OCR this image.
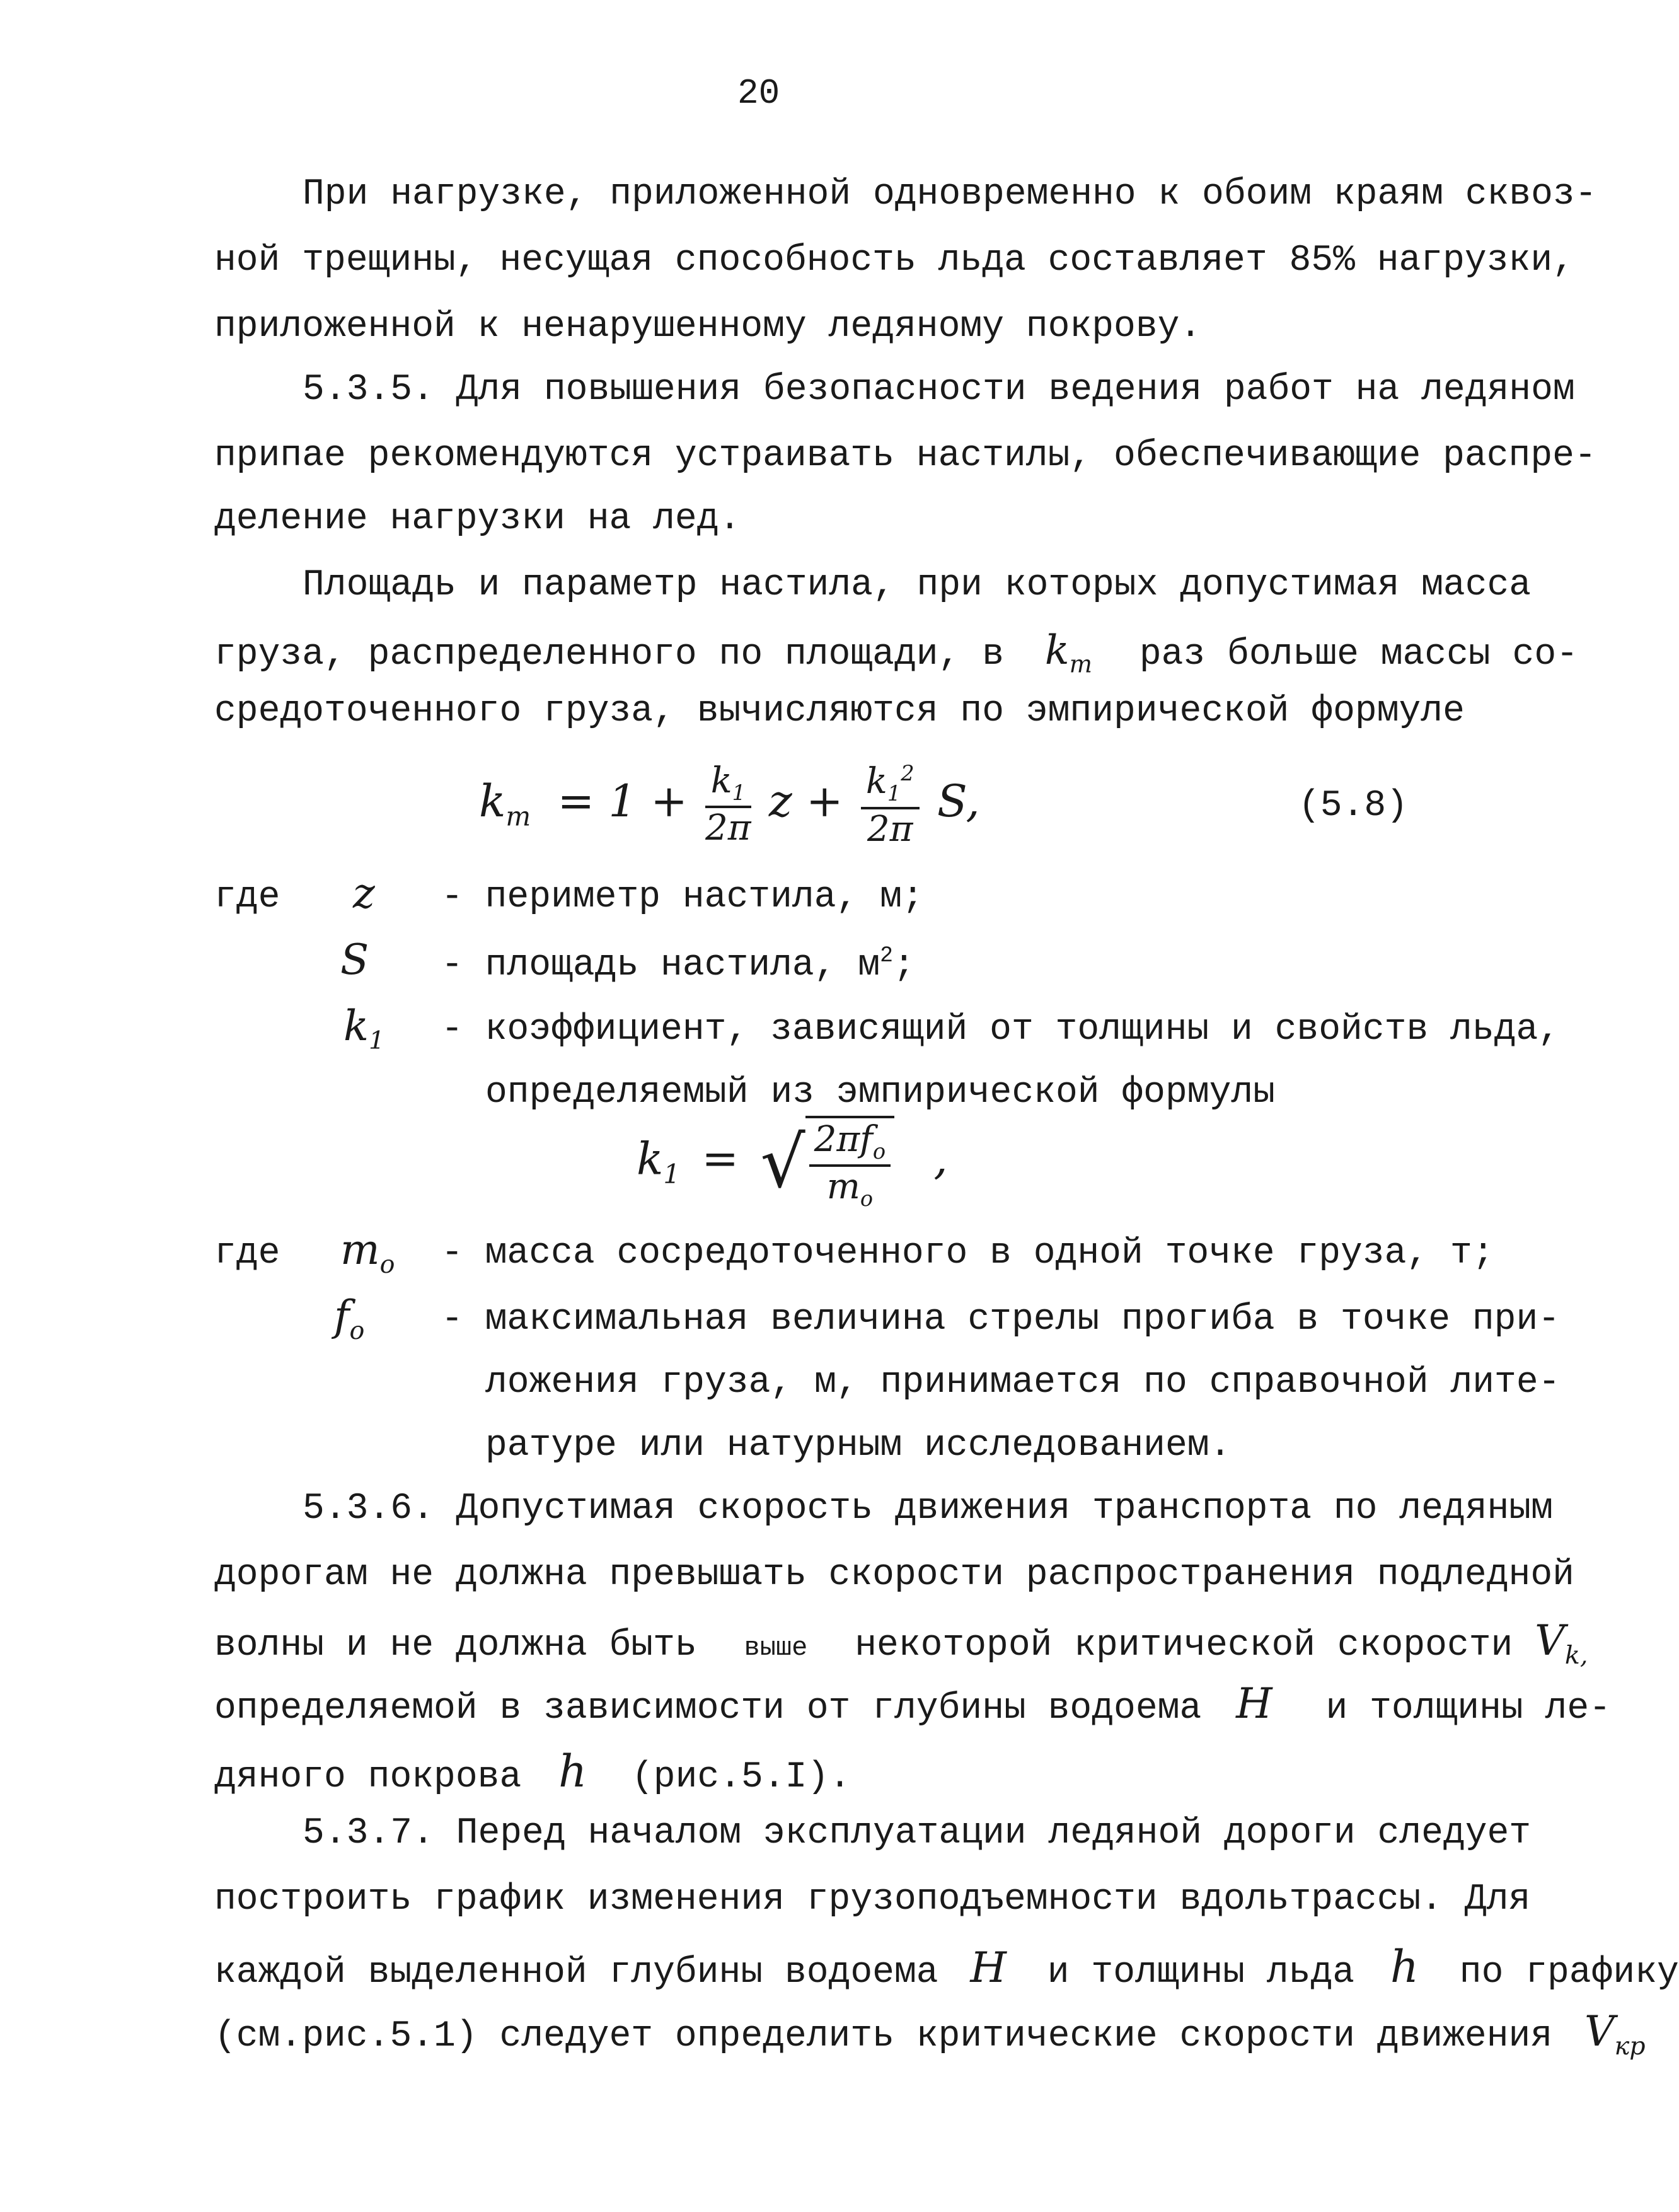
20
При нагрузке, приложенной одновременно к обоим краям сквоз-
ной трещины, несущая способность льда составляет 85% нагрузки,
приложенной к ненарушенному ледяному покрову.
5.3.5. Для повышения безопасности ведения работ на ледяном
припае рекомендуются устраивать настилы, обеспечивающие распре-
деление нагрузки на лед.
Площадь и параметр настила, при которых допустимая масса
груза, распределенного по площади, в $k_m$ раз больше массы со-
средоточенного груза, вычисляются по эмпирической формуле
$k_m = 1 + \frac{k_1}{2\pi}$ $z + \frac{k_1^2}{2\pi} S$,	(5.8)
где z - периметр настила, м;
S - площадь настила, $м^2$;
$k_1$ - коэффициент, зависящий от толщины и свойств льда,
определяемый из эмпирической формулы
$k_1$ = √ $\frac{2\pi f_o}{m_o}$ ,
где $m_o$ - масса сосредоточенного в одной точке груза, т;
$f_o$ - максимальная величина стрелы прогиба в точке при-
ложения груза, м, принимается по справочной лите-
ратуре или натурным исследованием.
5.3.6. Допустимая скорость движения транспорта по ледяным
дорогам не должна превышать скорости распространения подледной
волны и не должна быть выше некоторой критической скорости $V_{k,}$
определяемой в зависимости от глубины водоема H и толщины ле-
дяного покрова h (рис.5.I).
5.3.7. Перед началом эксплуатации ледяной дороги следует
построить график изменения грузоподъемности вдольтрассы. Для
каждой выделенной глубины водоема H и толщины льда h по графику
(см.рис.5.1) следует определить критические скорости движения $V_{кр}$
